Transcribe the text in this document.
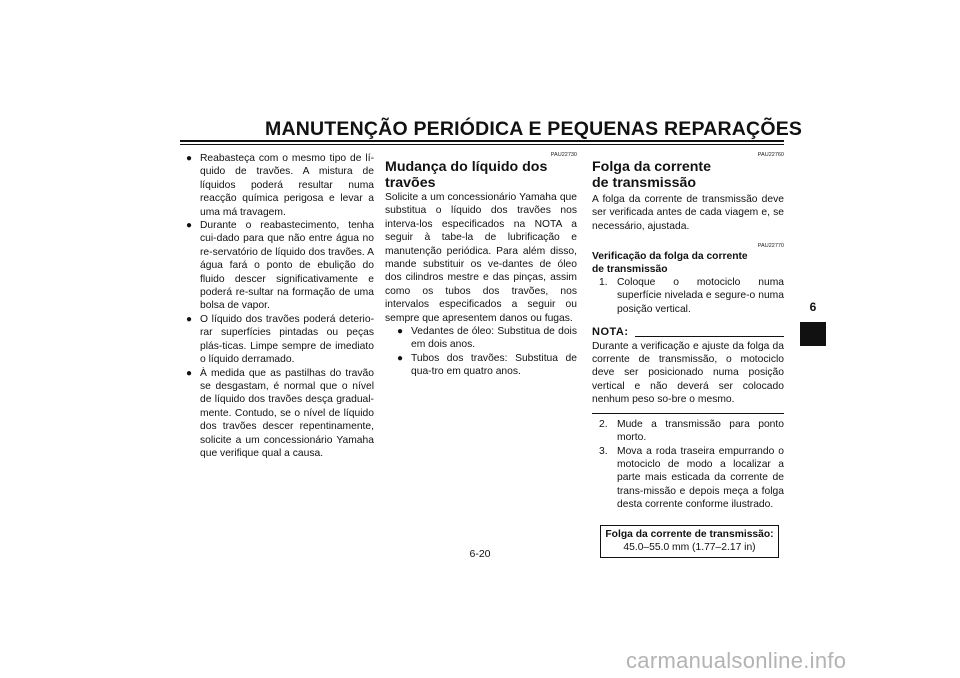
MANUTENÇÃO PERIÓDICA E PEQUENAS REPARAÇÕES
● Reabasteça com o mesmo tipo de lí-quido de travões. A mistura de líquidos poderá resultar numa reacção química perigosa e levar a uma má travagem.
● Durante o reabastecimento, tenha cui-dado para que não entre água no re-servatório de líquido dos travões. A água fará o ponto de ebulição do fluido descer significativamente e poderá re-sultar na formação de uma bolsa de vapor.
● O líquido dos travões poderá deterio-rar superfícies pintadas ou peças plás-ticas. Limpe sempre de imediato o líquido derramado.
● À medida que as pastilhas do travão se desgastam, é normal que o nível de líquido dos travões desça gradual-mente. Contudo, se o nível de líquido dos travões descer repentinamente, solicite a um concessionário Yamaha que verifique qual a causa.
PAU22730
Mudança do líquido dos travões
Solicite a um concessionário Yamaha que substitua o líquido dos travões nos interva-los especificados na NOTA a seguir à tabe-la de lubrificação e manutenção periódica. Para além disso, mande substituir os ve-dantes de óleo dos cilindros mestre e das pinças, assim como os tubos dos travões, nos intervalos especificados a seguir ou sempre que apresentem danos ou fugas.
● Vedantes de óleo: Substitua de dois em dois anos.
● Tubos dos travões: Substitua de qua-tro em quatro anos.
PAU22760
Folga da corrente de transmissão
A folga da corrente de transmissão deve ser verificada antes de cada viagem e, se necessário, ajustada.
PAU22770
Verificação da folga da corrente de transmissão
1. Coloque o motociclo numa superfície nivelada e segure-o numa posição vertical.
NOTA:
Durante a verificação e ajuste da folga da corrente de transmissão, o motociclo deve ser posicionado numa posição vertical e não deverá ser colocado nenhum peso so-bre o mesmo.
2. Mude a transmissão para ponto morto.
3. Mova a roda traseira empurrando o motociclo de modo a localizar a parte mais esticada da corrente de trans-missão e depois meça a folga desta corrente conforme ilustrado.
Folga da corrente de transmissão:
45.0–55.0 mm (1.77–2.17 in)
6
6-20
carmanualsonline.info
